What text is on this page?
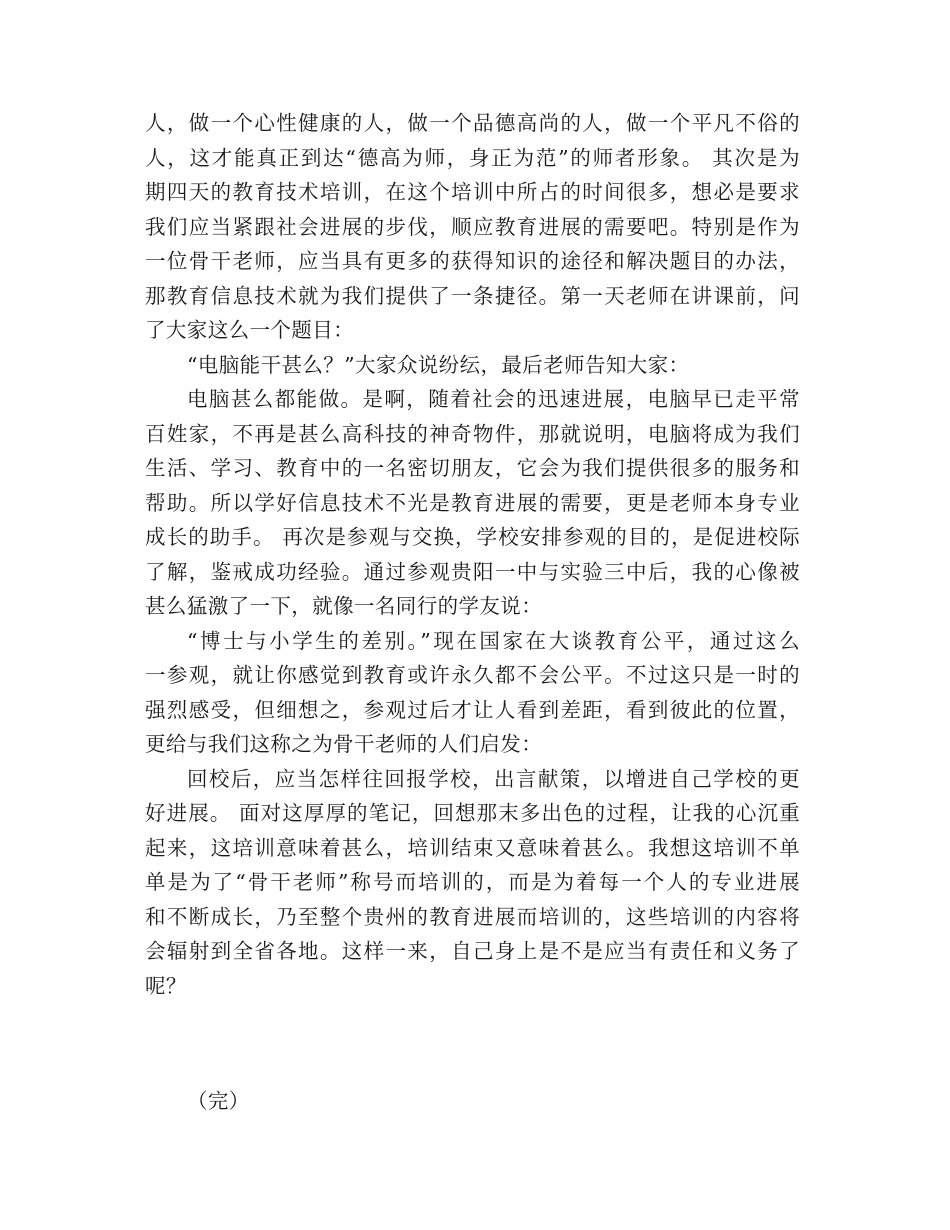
人，做一个心性健康的人，做一个品德高尚的人，做一个平凡不俗的
人，这才能真正到达“德高为师，身正为范”的师者形象。 其次是为
期四天的教育技术培训，在这个培训中所占的时间很多，想必是要求
我们应当紧跟社会进展的步伐，顺应教育进展的需要吧。特别是作为
一位骨干老师，应当具有更多的获得知识的途径和解决题目的办法，
那教育信息技术就为我们提供了一条捷径。第一天老师在讲课前，问
了大家这么一个题目：
“电脑能干甚么？”大家众说纷纭，最后老师告知大家：
电脑甚么都能做。是啊，随着社会的迅速进展，电脑早已走平常
百姓家，不再是甚么高科技的神奇物件，那就说明，电脑将成为我们
生活、学习、教育中的一名密切朋友，它会为我们提供很多的服务和
帮助。所以学好信息技术不光是教育进展的需要，更是老师本身专业
成长的助手。 再次是参观与交换，学校安排参观的目的，是促进校际
了解，鉴戒成功经验。通过参观贵阳一中与实验三中后，我的心像被
甚么猛激了一下，就像一名同行的学友说：
“博士与小学生的差别。”现在国家在大谈教育公平，通过这么
一参观，就让你感觉到教育或许永久都不会公平。不过这只是一时的
强烈感受，但细想之，参观过后才让人看到差距，看到彼此的位置，
更给与我们这称之为骨干老师的人们启发：
回校后，应当怎样往回报学校，出言献策，以增进自己学校的更
好进展。 面对这厚厚的笔记，回想那末多出色的过程，让我的心沉重
起来，这培训意味着甚么，培训结束又意味着甚么。我想这培训不单
单是为了“骨干老师”称号而培训的，而是为着每一个人的专业进展
和不断成长，乃至整个贵州的教育进展而培训的，这些培训的内容将
会辐射到全省各地。这样一来，自己身上是不是应当有责任和义务了
呢？
（完）
